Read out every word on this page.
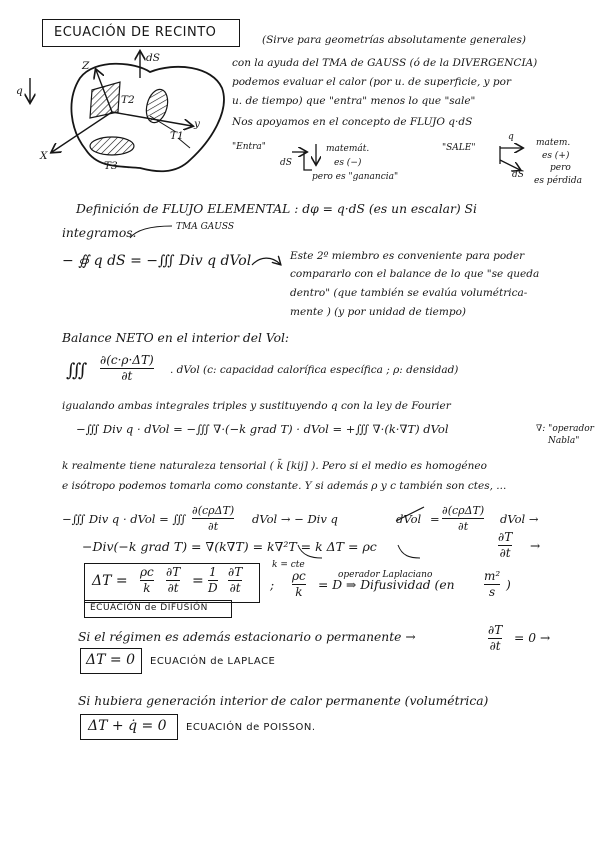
ECUACIÓN DE RECINTO	(Sirve para geometrías absolutamente generales)
con la ayuda del TMA de GAUSS (ó de la DIVERGENCIA)
podemos evaluar el calor (por u. de superficie, y por
u. de tiempo) que "entra" menos lo que "sale"
Nos apoyamos en el concepto de FLUJO q·dS
Z
dS
q
T2
y
T1
X
T3
"Entra"
dS
matemát.
es (−)
pero es "ganancia"
"SALE"
q
dS
matem.
es (+)
pero
es pérdida
Definición de FLUJO ELEMENTAL : dφ = q·dS (es un escalar) Si
integramos.	TMA GAUSS
− ∯ q dS = −∭ Div q dVol	Este 2º miembro es conveniente para poder
compararlo con el balance de lo que "se queda
dentro" (que también se evalúa volumétrica-
mente ) (y por unidad de tiempo)
Balance NETO en el interior del Vol:
∭ ∂(c·ρ·ΔT)
∂t	. dVol (c: capacidad calorífica específica ; ρ: densidad)
igualando ambas integrales triples y sustituyendo q con la ley de Fourier
−∭ Div q · dVol = −∭ ∇·(−k grad T) · dVol = +∭ ∇·(k·∇T) dVol	∇: "operador
Nabla"
k realmente tiene naturaleza tensorial ( k̄ [kij] ). Pero si el medio es homogéneo
e isótropo podemos tomarla como constante. Y si además ρ y c también son ctes, ...
−∭ Div q · dVol = ∭
∂(cρΔT)
∂t
dVol → − Div q	dVol =
∂(cρΔT)
∂t
dVol →
−Div(−k grad T) = ∇(k∇T) = k∇²T = k ΔT = ρc
∂T
∂t →
k = cte
operador Laplaciano
ΔT =
ρc
k
∂T
∂t =
1
D
∂T
∂t
ECUACIÓN de DIFUSIÓN
;
ρc
k = D ⇒ Difusividad (en
m²
s )
Si el régimen es además estacionario o permanente →	∂T
∂t
= 0 →
ΔT = 0 ECUACIÓN de LAPLACE
Si hubiera generación interior de calor permanente (volumétrica)
ΔT + q̇ = 0 ECUACIÓN de POISSON.
